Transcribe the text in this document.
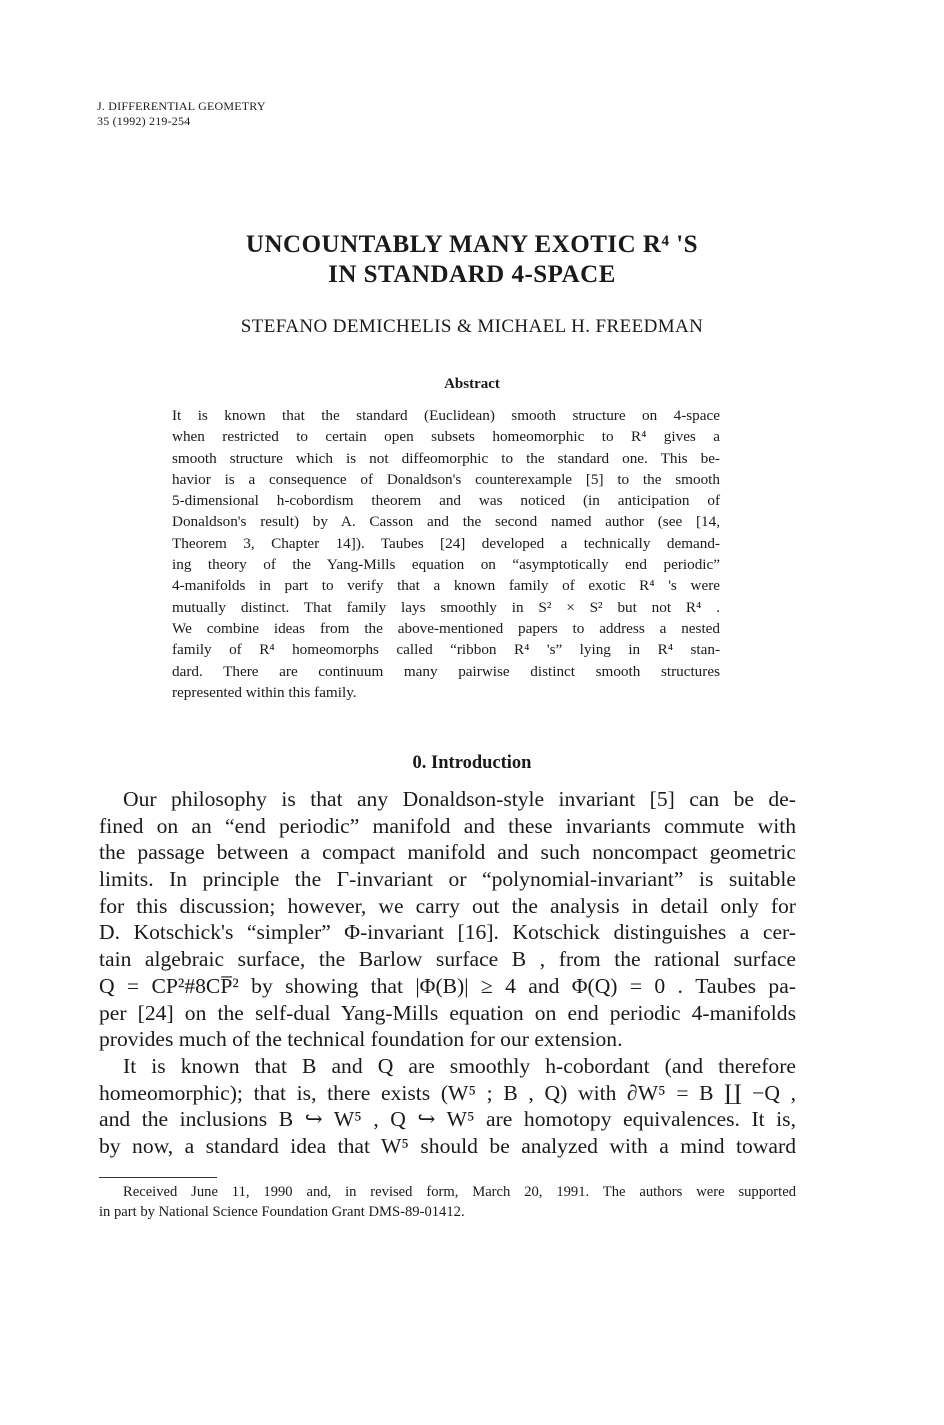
J. DIFFERENTIAL GEOMETRY
35 (1992) 219-254
UNCOUNTABLY MANY EXOTIC R⁴ 'S
IN STANDARD 4-SPACE
STEFANO DEMICHELIS & MICHAEL H. FREEDMAN
Abstract
It is known that the standard (Euclidean) smooth structure on 4-space
when restricted to certain open subsets homeomorphic to R⁴ gives a
smooth structure which is not diffeomorphic to the standard one. This be-
havior is a consequence of Donaldson's counterexample [5] to the smooth
5-dimensional h-cobordism theorem and was noticed (in anticipation of
Donaldson's result) by A. Casson and the second named author (see [14,
Theorem 3, Chapter 14]). Taubes [24] developed a technically demand-
ing theory of the Yang-Mills equation on “asymptotically end periodic”
4-manifolds in part to verify that a known family of exotic R⁴ 's were
mutually distinct. That family lays smoothly in S² × S² but not R⁴ .
We combine ideas from the above-mentioned papers to address a nested
family of R⁴ homeomorphs called “ribbon R⁴ 's” lying in R⁴ stan-
dard. There are continuum many pairwise distinct smooth structures
represented within this family.
0. Introduction
Our philosophy is that any Donaldson-style invariant [5] can be de-
fined on an “end periodic” manifold and these invariants commute with
the passage between a compact manifold and such noncompact geometric
limits. In principle the Γ-invariant or “polynomial-invariant” is suitable
for this discussion; however, we carry out the analysis in detail only for
D. Kotschick's “simpler” Φ-invariant [16]. Kotschick distinguishes a cer-
tain algebraic surface, the Barlow surface B , from the rational surface
Q = CP²#8CP̅² by showing that |Φ(B)| ≥ 4 and Φ(Q) = 0 . Taubes pa-
per [24] on the self-dual Yang-Mills equation on end periodic 4-manifolds
provides much of the technical foundation for our extension.
It is known that B and Q are smoothly h-cobordant (and therefore
homeomorphic); that is, there exists (W⁵ ; B , Q) with ∂W⁵ = B ∐ −Q ,
and the inclusions B ↪ W⁵ , Q ↪ W⁵ are homotopy equivalences. It is,
by now, a standard idea that W⁵ should be analyzed with a mind toward
Received June 11, 1990 and, in revised form, March 20, 1991. The authors were supported
in part by National Science Foundation Grant DMS-89-01412.
